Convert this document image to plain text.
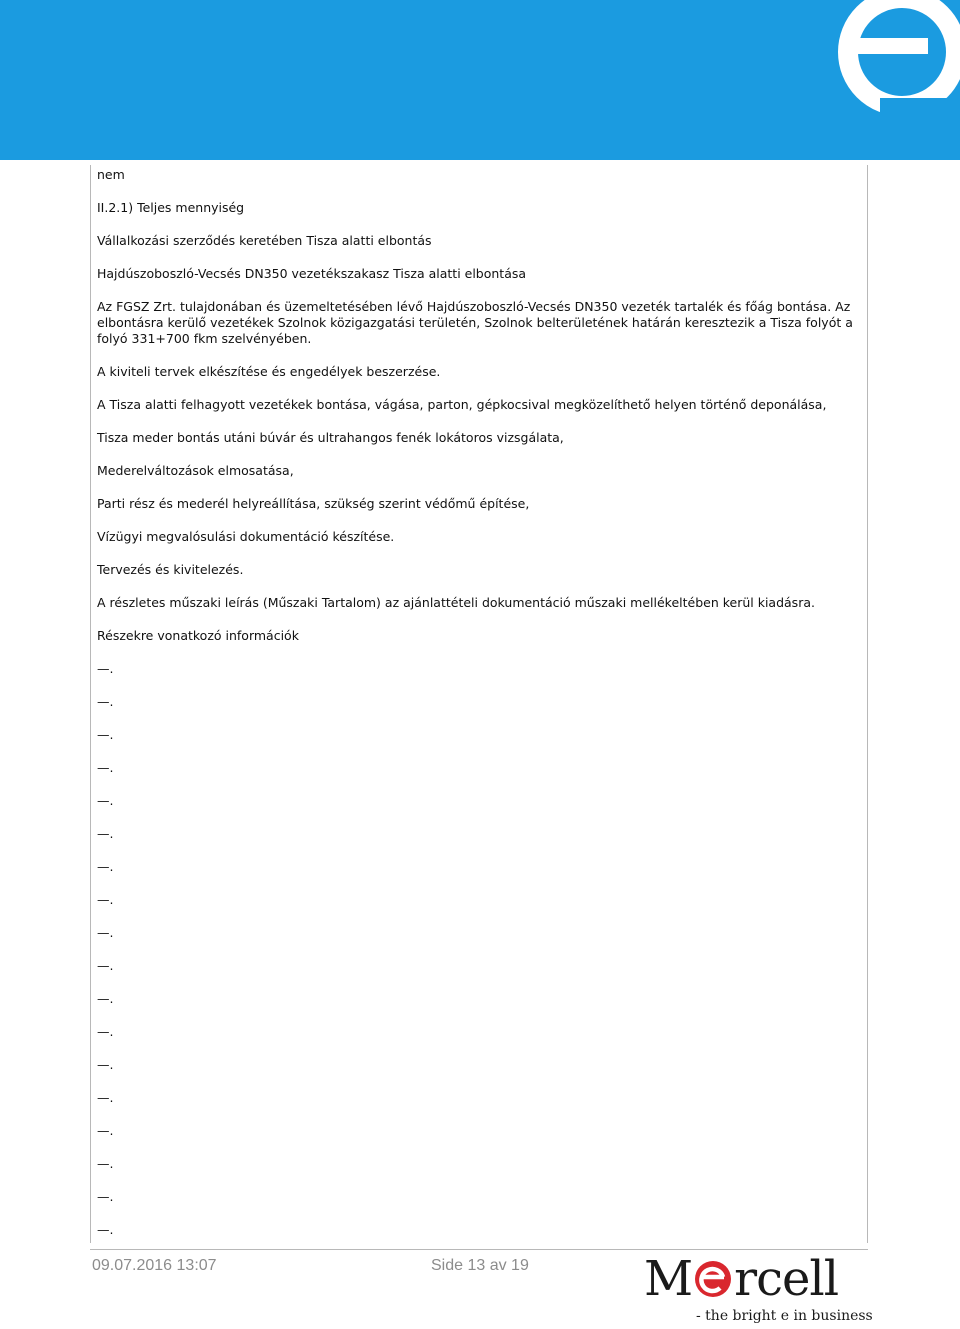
nem

II.2.1) Teljes mennyiség

Vállalkozási szerződés keretében Tisza alatti elbontás

Hajdúszoboszló-Vecsés DN350 vezetékszakasz Tisza alatti elbontása

Az FGSZ Zrt. tulajdonában és üzemeltetésében lévő Hajdúszoboszló-Vecsés DN350 vezeték tartalék és főág bontása. Az elbontásra kerülő vezetékek Szolnok közigazgatási területén, Szolnok belterületének határán keresztezik a Tisza folyót a folyó 331+700 fkm szelvényében.

A kiviteli tervek elkészítése és engedélyek beszerzése.

A Tisza alatti felhagyott vezetékek bontása, vágása, parton, gépkocsival megközelíthető helyen történő deponálása,

Tisza meder bontás utáni búvár és ultrahangos fenék lokátoros vizsgálata,

Mederelváltozások elmosatása,

Parti rész és mederél helyreállítása, szükség szerint védőmű építése,

Vízügyi megvalósulási dokumentáció készítése.

Tervezés és kivitelezés.

A részletes műszaki leírás (Műszaki Tartalom) az ajánlattételi dokumentáció műszaki mellékeltében kerül kiadásra.

Részekre vonatkozó információk

—.

—.

—.

—.

—.

—.

—.

—.

—.

—.

—.

—.

—.

—.

—.

—.

—.

—.

09.07.2016 13:07	Side 13 av 19 M rcell
- the bright e in business
